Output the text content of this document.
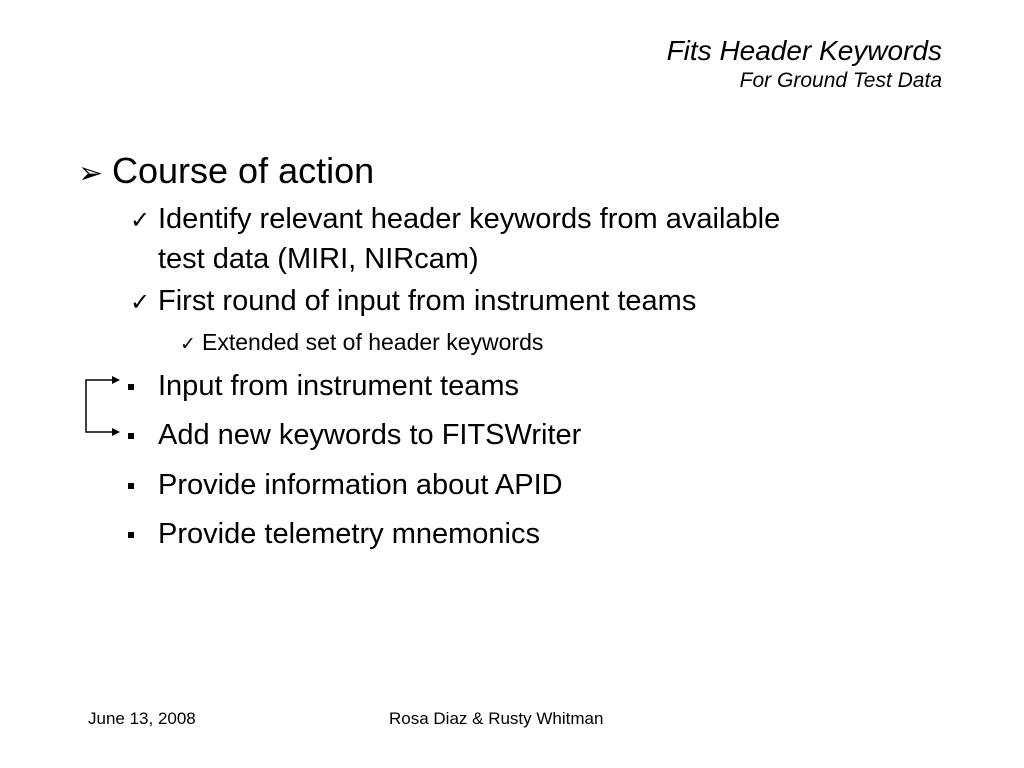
Fits Header Keywords
For Ground Test Data
➢ Course of action
✓ Identify relevant header keywords from available
test data (MIRI, NIRcam)
✓ First round of input from instrument teams
✓ Extended set of header keywords
Input from instrument teams
Add new keywords to FITSWriter
Provide information about APID
Provide telemetry mnemonics
June 13, 2008	Rosa Diaz & Rusty Whitman
